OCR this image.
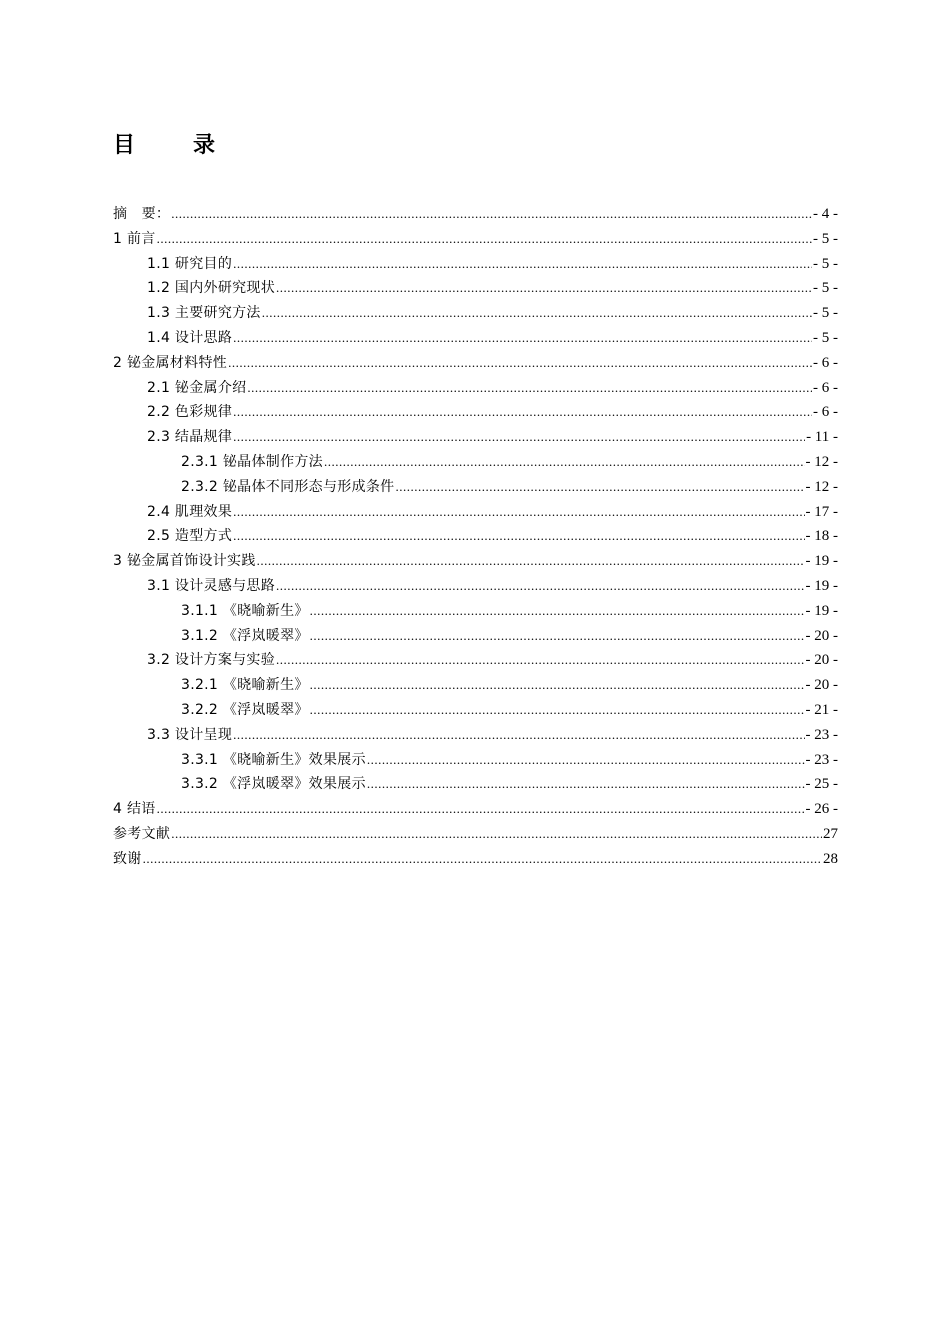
目　录
摘　要： .....	- 4 -
1 前言 .....	- 5 -
1.1 研究目的 .....	- 5 -
1.2 国内外研究现状 .....	- 5 -
1.3 主要研究方法 .....	- 5 -
1.4 设计思路 .....	- 5 -
2 铋金属材料特性 .....	- 6 -
2.1 铋金属介绍 .....	- 6 -
2.2 色彩规律 .....	- 6 -
2.3 结晶规律 .....	- 11 -
2.3.1 铋晶体制作方法 .....	- 12 -
2.3.2 铋晶体不同形态与形成条件 .....	- 12 -
2.4 肌理效果 .....	- 17 -
2.5 造型方式 .....	- 18 -
3 铋金属首饰设计实践 .....	- 19 -
3.1 设计灵感与思路 .....	- 19 -
3.1.1 《晓喻新生》 .....	- 19 -
3.1.2 《浮岚暖翠》 .....	- 20 -
3.2 设计方案与实验 .....	- 20 -
3.2.1 《晓喻新生》 .....	- 20 -
3.2.2 《浮岚暖翠》 .....	- 21 -
3.3 设计呈现 .....	- 23 -
3.3.1 《晓喻新生》效果展示 .....	- 23 -
3.3.2 《浮岚暖翠》效果展示 .....	- 25 -
4 结语 .....	- 26 -
参考文献 .....	27
致谢 .....	28
